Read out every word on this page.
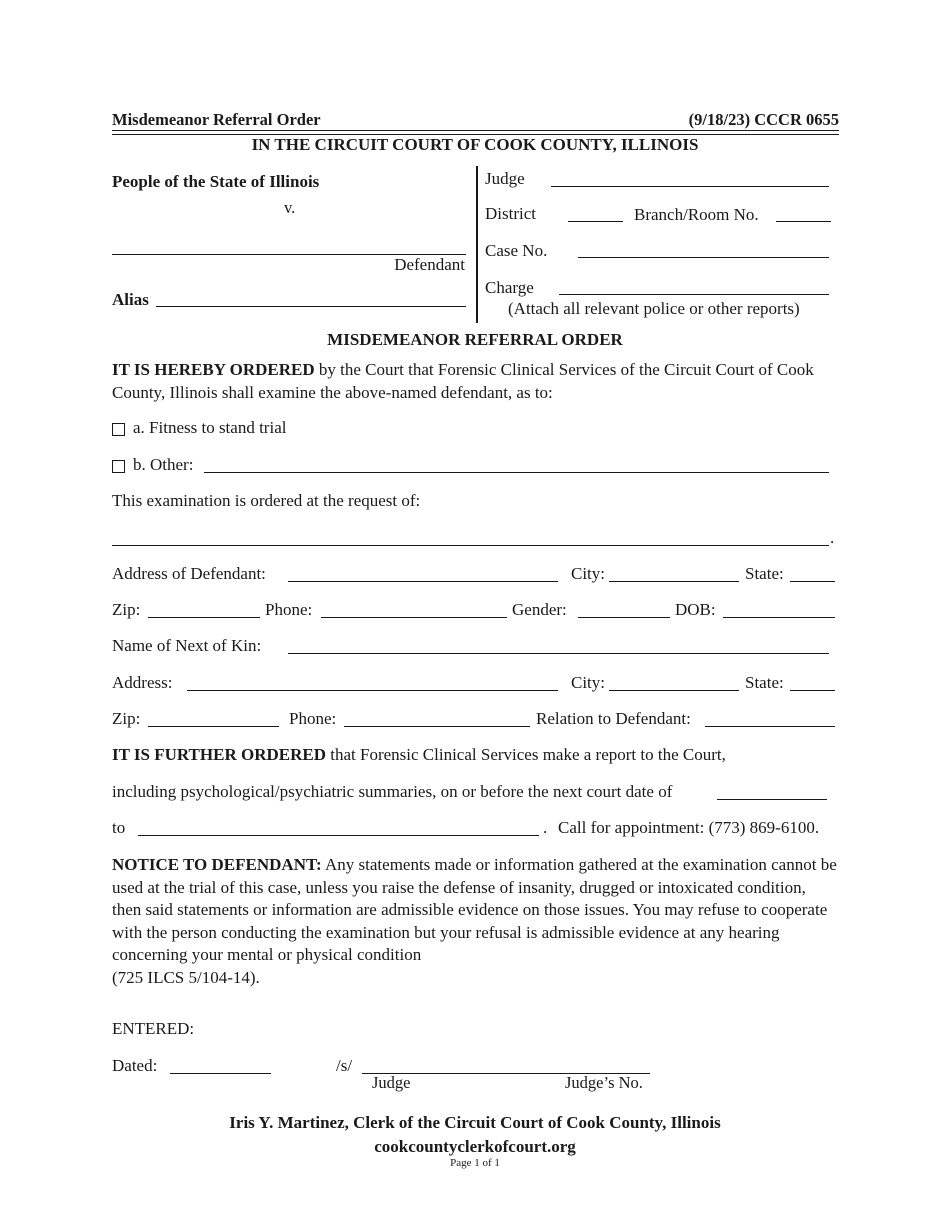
Misdemeanor Referral Order	(9/18/23) CCCR 0655
IN THE CIRCUIT COURT OF COOK COUNTY, ILLINOIS
People of the State of Illinois
v.
Defendant
Alias
Judge
District	Branch/Room No.
Case No.
Charge
(Attach all relevant police or other reports)
MISDEMEANOR REFERRAL ORDER

IT IS HEREBY ORDERED by the Court that Forensic Clinical Services of the Circuit Court of Cook County, Illinois shall examine the above-named defendant, as to:

a. Fitness to stand trial
b. Other:
This examination is ordered at the request of:
.
Address of Defendant:	City:	State:
Zip:	Phone:	Gender:	DOB:
Name of Next of Kin:
Address:	City:	State:
Zip:	Phone:	Relation to Defendant:
IT IS FURTHER ORDERED that Forensic Clinical Services make a report to the Court,
including psychological/psychiatric summaries, on or before the next court date of
to	. Call for appointment: (773) 869-6100.

NOTICE TO DEFENDANT: Any statements made or information gathered at the examination cannot be used at the trial of this case, unless you raise the defense of insanity, drugged or intoxicated condition, then said statements or information are admissible evidence on those issues. You may refuse to cooperate with the person conducting the examination but your refusal is admissible evidence at any hearing concerning your mental or physical condition
(725 ILCS 5/104-14).

ENTERED:
Dated:	/s/
Judge	Judge’s No.
Iris Y. Martinez, Clerk of the Circuit Court of Cook County, Illinois
cookcountyclerkofcourt.org
Page 1 of 1
